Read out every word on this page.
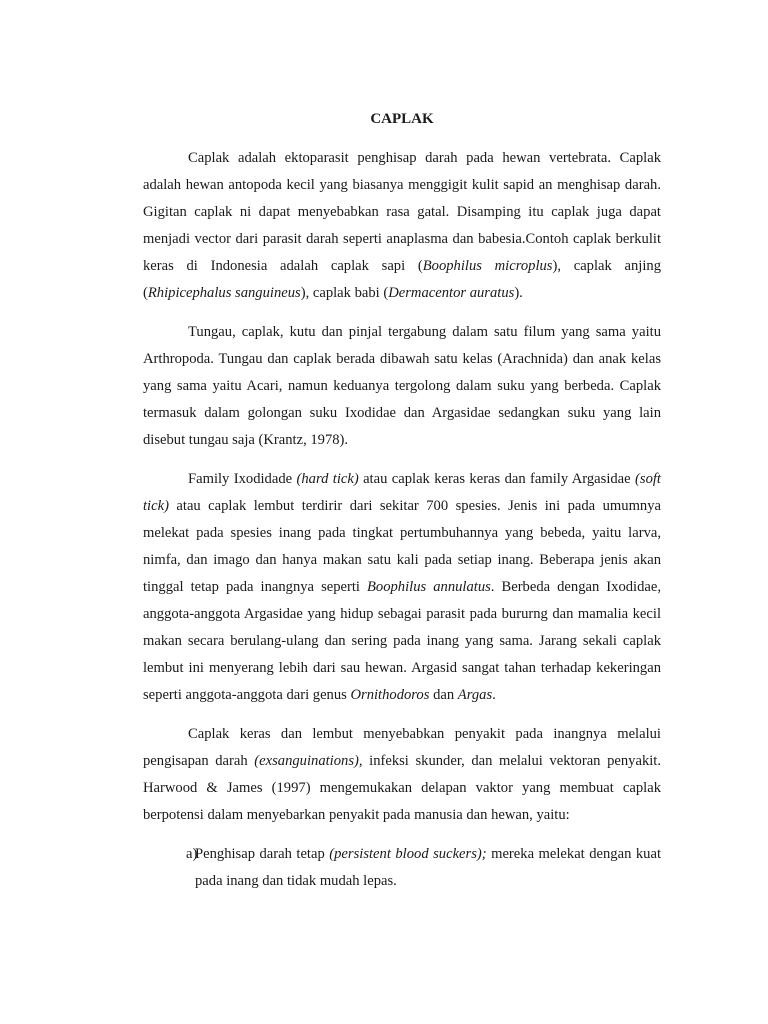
CAPLAK

Caplak adalah ektoparasit penghisap darah pada hewan vertebrata. Caplak adalah hewan antopoda kecil yang biasanya menggigit kulit sapid an menghisap darah. Gigitan caplak ni dapat menyebabkan rasa gatal. Disamping itu caplak juga dapat menjadi vector dari parasit darah seperti anaplasma dan babesia.Contoh caplak berkulit keras di Indonesia adalah caplak sapi (Boophilus microplus), caplak anjing (Rhipicephalus sanguineus), caplak babi (Dermacentor auratus).

Tungau, caplak, kutu dan pinjal tergabung dalam satu filum yang sama yaitu Arthropoda. Tungau dan caplak berada dibawah satu kelas (Arachnida) dan anak kelas yang sama yaitu Acari, namun keduanya tergolong dalam suku yang berbeda. Caplak termasuk dalam golongan suku Ixodidae dan Argasidae sedangkan suku yang lain disebut tungau saja (Krantz, 1978).

Family Ixodidade (hard tick) atau caplak keras keras dan family Argasidae (soft tick) atau caplak lembut terdirir dari sekitar 700 spesies. Jenis ini pada umumnya melekat pada spesies inang pada tingkat pertumbuhannya yang bebeda, yaitu larva, nimfa, dan imago dan hanya makan satu kali pada setiap inang. Beberapa jenis akan tinggal tetap pada inangnya seperti Boophilus annulatus. Berbeda dengan Ixodidae, anggota-anggota Argasidae yang hidup sebagai parasit pada bururng dan mamalia kecil makan secara berulang-ulang dan sering pada inang yang sama. Jarang sekali caplak lembut ini menyerang lebih dari sau hewan. Argasid sangat tahan terhadap kekeringan seperti anggota-anggota dari genus Ornithodoros dan Argas.

Caplak keras dan lembut menyebabkan penyakit pada inangnya melalui pengisapan darah (exsanguinations), infeksi skunder, dan melalui vektoran penyakit. Harwood & James (1997) mengemukakan delapan vaktor yang membuat caplak berpotensi dalam menyebarkan penyakit pada manusia dan hewan, yaitu:

a)
Penghisap darah tetap (persistent blood suckers); mereka melekat dengan kuat pada inang dan tidak mudah lepas.
